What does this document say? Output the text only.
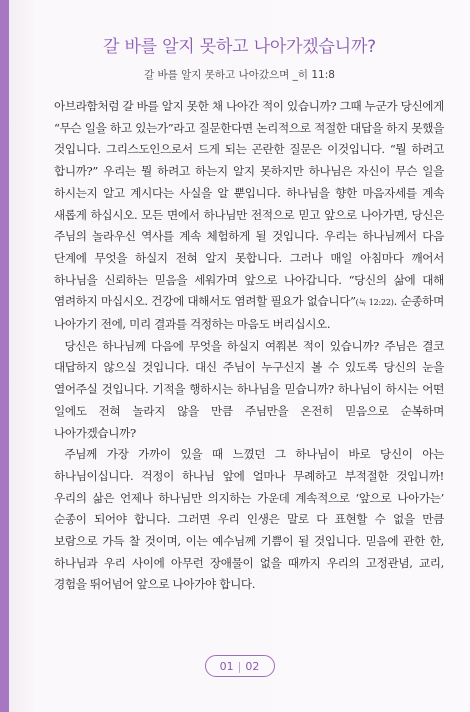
갈 바를 알지 못하고 나아가겠습니까?
갈 바를 알지 못하고 나아갔으며 _히 11:8

아브라함처럼 갈 바를 알지 못한 채 나아간 적이 있습니까? 그때 누군가 당신에게 “무슨 일을 하고 있는가”라고 질문한다면 논리적으로 적절한 대답을 하지 못했을 것입니다. 그리스도인으로서 드게 되는 곤란한 질문은 이것입니다. “뭘 하려고 합니까?” 우리는 뭘 하려고 하는지 알지 못하지만 하나님은 자신이 무슨 일을 하시는지 알고 계시다는 사실을 알 뿐입니다. 하나님을 향한 마음자세를 계속 새롭게 하십시오. 모든 면에서 하나님만 전적으로 믿고 앞으로 나아가면, 당신은 주님의 놀라우신 역사를 계속 체험하게 될 것입니다. 우리는 하나님께서 다음 단계에 무엇을 하실지 전혀 알지 못합니다. 그러나 매일 아침마다 깨어서 하나님을 신뢰하는 믿음을 세워가며 앞으로 나아갑니다. “당신의 삶에 대해 염려하지 마십시오. 건강에 대해서도 염려할 필요가 없습니다”(눅 12:22). 순종하며 나아가기 전에, 미리 결과를 걱정하는 마음도 버리십시오.

당신은 하나님께 다음에 무엇을 하실지 여쭤본 적이 있습니까? 주님은 결코 대답하지 않으실 것입니다. 대신 주님이 누구신지 볼 수 있도록 당신의 눈을 열어주실 것입니다. 기적을 행하시는 하나님을 믿습니까? 하나님이 하시는 어떤 일에도 전혀 놀라지 않을 만큼 주님만을 온전히 믿음으로 순복하며 나아가겠습니까?

주님께 가장 가까이 있을 때 느꼈던 그 하나님이 바로 당신이 아는 하나님이십니다. 걱정이 하나님 앞에 얼마나 무례하고 부적절한 것입니까! 우리의 삶은 언제나 하나님만 의지하는 가운데 계속적으로 ‘앞으로 나아가는’ 순종이 되어야 합니다. 그러면 우리 인생은 말로 다 표현할 수 없을 만큼 보람으로 가득 찰 것이며, 이는 예수님께 기쁨이 될 것입니다. 믿음에 관한 한, 하나님과 우리 사이에 아무런 장애물이 없을 때까지 우리의 고정관념, 교리, 경험을 뛰어넘어 앞으로 나아가야 합니다.

01 | 02
